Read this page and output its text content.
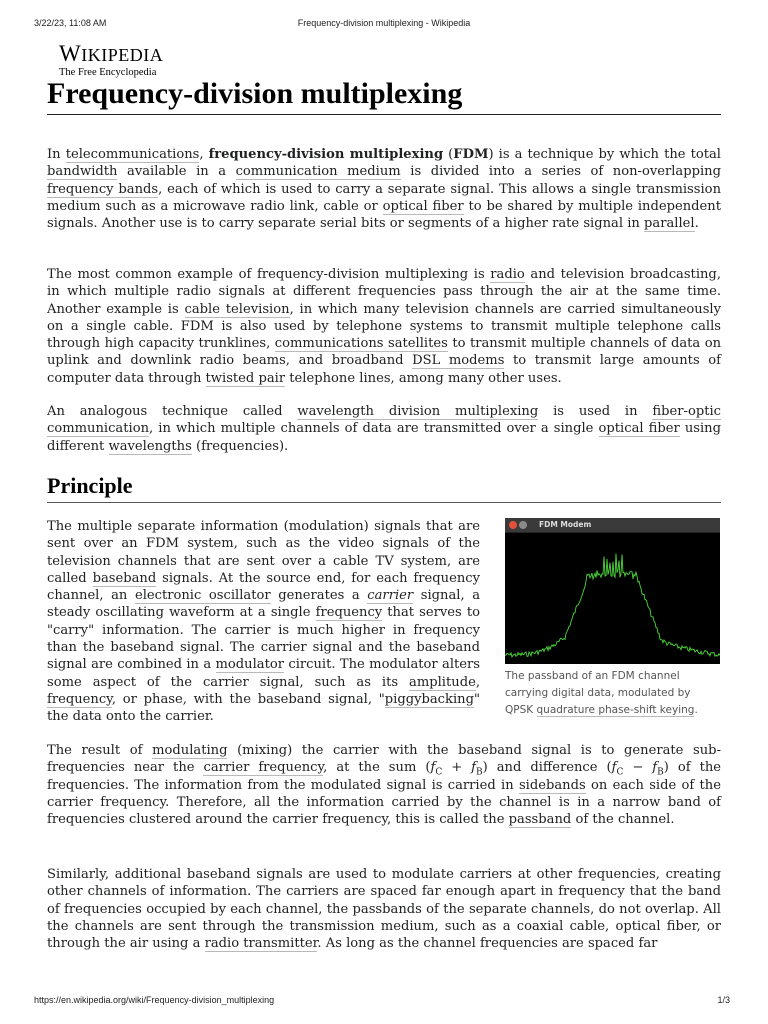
3/22/23, 11:08 AM	Frequency-division multiplexing - Wikipedia
WIKIPEDIA
The Free Encyclopedia
Frequency-division multiplexing

In telecommunications, frequency-division multiplexing (FDM) is a technique by which the total bandwidth available in a communication medium is divided into a series of non-overlapping frequency bands, each of which is used to carry a separate signal. This allows a single transmission medium such as a microwave radio link, cable or optical fiber to be shared by multiple independent signals. Another use is to carry separate serial bits or segments of a higher rate signal in parallel.

The most common example of frequency-division multiplexing is radio and television broadcasting, in which multiple radio signals at different frequencies pass through the air at the same time. Another example is cable television, in which many television channels are carried simultaneously on a single cable. FDM is also used by telephone systems to transmit multiple telephone calls through high capacity trunklines, communications satellites to transmit multiple channels of data on uplink and downlink radio beams, and broadband DSL modems to transmit large amounts of computer data through twisted pair telephone lines, among many other uses.

An analogous technique called wavelength division multiplexing is used in fiber-optic communication, in which multiple channels of data are transmitted over a single optical fiber using different wavelengths (frequencies).

Principle

The multiple separate information (modulation) signals that are sent over an FDM system, such as the video signals of the television channels that are sent over a cable TV system, are called baseband signals. At the source end, for each frequency channel, an electronic oscillator generates a carrier signal, a steady oscillating waveform at a single frequency that serves to "carry" information. The carrier is much higher in frequency than the baseband signal. The carrier signal and the baseband signal are combined in a modulator circuit. The modulator alters some aspect of the carrier signal, such as its amplitude, frequency, or phase, with the baseband signal, "piggybacking" the data onto the carrier.

FDM Modem
The passband of an FDM channel carrying digital data, modulated by QPSK quadrature phase-shift keying.

The result of modulating (mixing) the carrier with the baseband signal is to generate sub-frequencies near the carrier frequency, at the sum $(f_C + f_B)$ and difference $(f_C - f_B)$ of the frequencies. The information from the modulated signal is carried in sidebands on each side of the carrier frequency. Therefore, all the information carried by the channel is in a narrow band of frequencies clustered around the carrier frequency, this is called the passband of the channel.

Similarly, additional baseband signals are used to modulate carriers at other frequencies, creating other channels of information. The carriers are spaced far enough apart in frequency that the band of frequencies occupied by each channel, the passbands of the separate channels, do not overlap. All the channels are sent through the transmission medium, such as a coaxial cable, optical fiber, or through the air using a radio transmitter. As long as the channel frequencies are spaced far

https://en.wikipedia.org/wiki/Frequency-division_multiplexing	1/3
